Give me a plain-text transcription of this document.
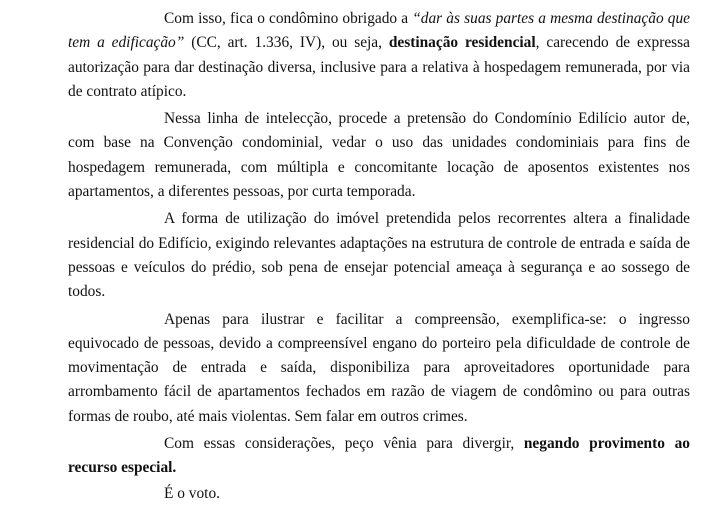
Com isso, fica o condômino obrigado a “dar às suas partes a mesma destinação que tem a edificação” (CC, art. 1.336, IV), ou seja, destinação residencial, carecendo de expressa autorização para dar destinação diversa, inclusive para a relativa à hospedagem remunerada, por via de contrato atípico.

Nessa linha de intelecção, procede a pretensão do Condomínio Edilício autor de, com base na Convenção condominial, vedar o uso das unidades condominiais para fins de hospedagem remunerada, com múltipla e concomitante locação de aposentos existentes nos apartamentos, a diferentes pessoas, por curta temporada.

A forma de utilização do imóvel pretendida pelos recorrentes altera a finalidade residencial do Edifício, exigindo relevantes adaptações na estrutura de controle de entrada e saída de pessoas e veículos do prédio, sob pena de ensejar potencial ameaça à segurança e ao sossego de todos.

Apenas para ilustrar e facilitar a compreensão, exemplifica-se: o ingresso equivocado de pessoas, devido a compreensível engano do porteiro pela dificuldade de controle de movimentação de entrada e saída, disponibiliza para aproveitadores oportunidade para arrombamento fácil de apartamentos fechados em razão de viagem de condômino ou para outras formas de roubo, até mais violentas. Sem falar em outros crimes.

Com essas considerações, peço vênia para divergir, negando provimento ao recurso especial.

É o voto.
